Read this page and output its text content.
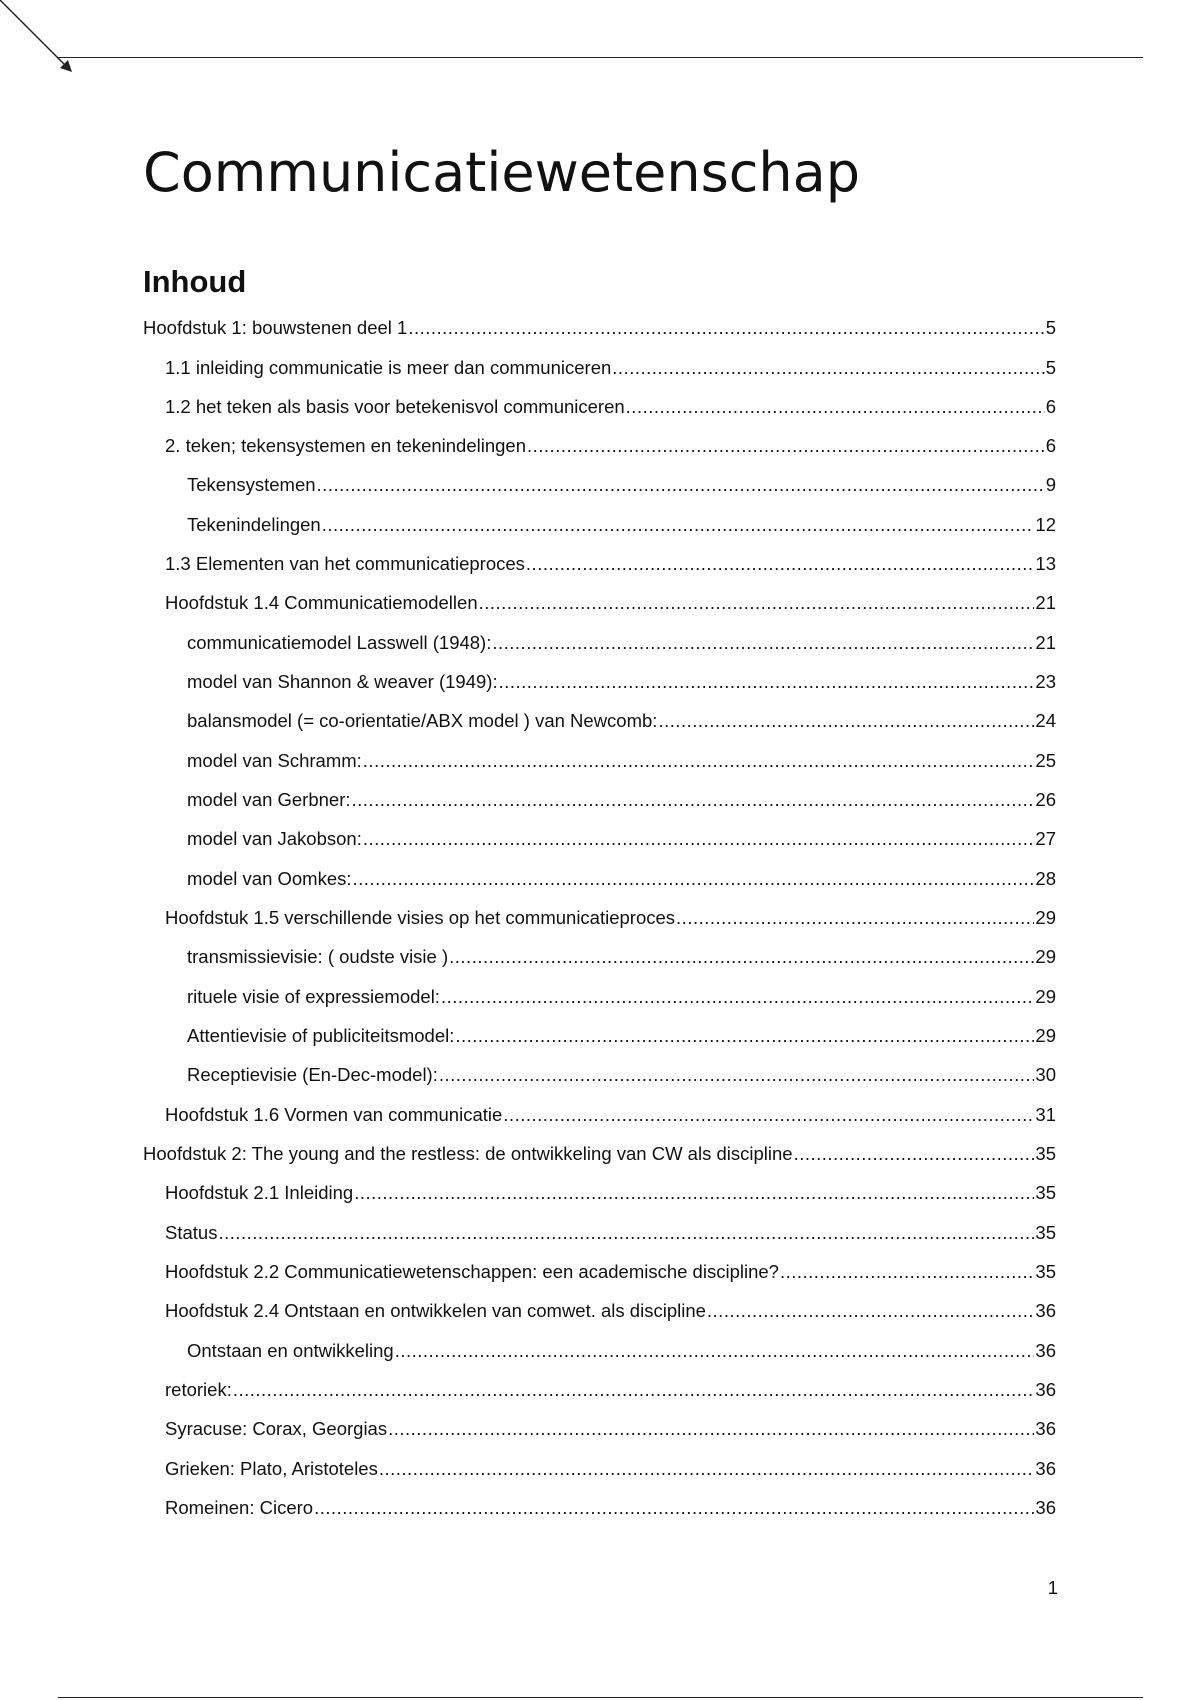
Communicatiewetenschap
Inhoud
Hoofdstuk 1: bouwstenen deel 1 .....	5
1.1 inleiding communicatie is meer dan communiceren .....	5
1.2 het teken als basis voor betekenisvol communiceren .....	6
2. teken; tekensystemen en tekenindelingen .....	6
Tekensystemen .....	9
Tekenindelingen .....	12
1.3 Elementen van het communicatieproces .....	13
Hoofdstuk 1.4 Communicatiemodellen .....	21
communicatiemodel Lasswell (1948): .....	21
model van Shannon & weaver (1949): .....	23
balansmodel (= co-orientatie/ABX model ) van Newcomb: .....	24
model van Schramm: .....	25
model van Gerbner: .....	26
model van Jakobson: .....	27
model van Oomkes: .....	28
Hoofdstuk 1.5 verschillende visies op het communicatieproces .....	29
transmissievisie: ( oudste visie ) .....	29
rituele visie of expressiemodel: .....	29
Attentievisie of publiciteitsmodel: .....	29
Receptievisie (En-Dec-model): .....	30
Hoofdstuk 1.6 Vormen van communicatie .....	31
Hoofdstuk 2: The young and the restless: de ontwikkeling van CW als discipline .....	35
Hoofdstuk 2.1 Inleiding .....	35
Status .....	35
Hoofdstuk 2.2 Communicatiewetenschappen: een academische discipline? .....	35
Hoofdstuk 2.4 Ontstaan en ontwikkelen van comwet. als discipline .....	36
Ontstaan en ontwikkeling .....	36
retoriek: .....	36
Syracuse: Corax, Georgias .....	36
Grieken: Plato, Aristoteles .....	36
Romeinen: Cicero .....	36
1
